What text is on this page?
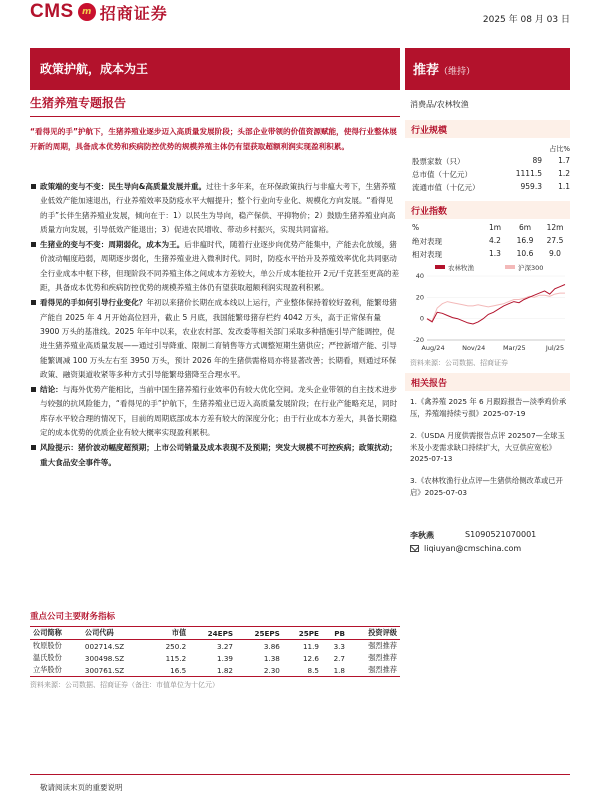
CMS m 招商证券	2025 年 08 月 03 日
政策护航，成本为王	推荐（维持）
生猪养殖专题报告
“看得见的手”护航下，生猪养殖业逐步迈入高质量发展阶段；头部企业带领的价值资源赋能，使得行业整体展开新的周期，具备成本优势和疾病防控优势的规模养殖主体仍有望获取超额利润实现盈利积累。
政策端的变与不变：民生导向&高质量发展并重。过往十多年来，在环保政策执行与非瘟大考下，生猪养殖业低效产能加速退出，行业养殖效率及防疫水平大幅提升；整个行业向专业化、规模化方向发展。“看得见的手”长伴生猪养殖业发展，倾向在于：1）以民生为导向，稳产保供、平抑物价；2）鼓励生猪养殖业向高质量方向发展，引导低效产能退出；3）促进农民增收、带动乡村振兴，实现共同富裕。
生猪业的变与不变：周期弱化，成本为王。后非瘟时代，随着行业逐步向优势产能集中，产能去化放缓，猪价波动幅度趋弱，周期逐步弱化，生猪养殖业进入微利时代。同时，防疫水平抬升及养殖效率优化共同驱动全行业成本中枢下移，但现阶段不同养殖主体之间成本方差较大，单公斤成本能拉开 2元/千克甚至更高的差距，具备成本优势和疾病防控优势的规模养殖主体仍有望获取超额利润实现盈利积累。
看得见的手如何引导行业变化？年初以来猪价长期在成本线以上运行，产业整体保持着较好盈利，能繁母猪产能自 2025 年 4 月开始高位回升，截止 5 月底，我国能繁母猪存栏约 4042 万头，高于正常保有量 3900 万头的基准线。2025 年年中以来，农业农村部、发改委等相关部门采取多种措施引导产能调控，促进生猪养殖业高质量发展——通过引导降重、限制二育销售等方式调整短期生猪供应；严控新增产能、引导能繁调减 100 万头左右至 3950 万头，预计 2026 年的生猪供需格局亦将显著改善；长期看，则通过环保政策、融资渠道收紧等多种方式引导能繁母猪降至合理水平。
结论：与海外优势产能相比，当前中国生猪养殖行业效率仍有较大优化空间。龙头企业带领的自主技术进步与较强的抗风险能力，“看得见的手”护航下，生猪养殖业已迈入高质量发展阶段；在行业产能略充足，同时库存水平较合理的情况下，目前的周期底部成本方差有较大的深度分化；由于行业成本方差大，具备长期稳定的成本优势的优质企业有较大概率实现盈利累积。
风险提示：猪价波动幅度超预期；上市公司销量及成本表现不及预期；突发大规模不可控疾病；政策扰动；重大食品安全事件等。
重点公司主要财务指标
公司简称	公司代码	市值	24EPS	25EPS	25PE	PB	投资评级
牧原股份	002714.SZ	250.2	3.27	3.86	11.9	3.3	强烈推荐
温氏股份	300498.SZ	115.2	1.39	1.38	12.6	2.7	强烈推荐
立华股份	300761.SZ	16.5	1.82	2.30	8.5	1.8	强烈推荐
资料来源：公司数据、招商证券（备注：市值单位为十亿元）
消费品/农林牧渔
行业规模
占比%
股票家数（只）	89	1.7
总市值（十亿元）	1111.5	1.2
流通市值（十亿元）	959.3	1.1
行业指数
%	1m	6m	12m
绝对表现	4.2	16.9	27.5
相对表现	1.3	10.6	9.0
农林牧渔	沪深300
40
20
0
-20
Aug/24	Nov/24	Mar/25	Jul/25
资料来源：公司数据、招商证券
相关报告
1.《禽养殖 2025 年 6 月跟踪报告—淡季鸡价承压，养殖端持续亏损》2025-07-19
2.《USDA 月度供需报告点评 202507—全球玉米及小麦需求缺口持续扩大，大豆供应宽松》2025-07-13
3.《农林牧渔行业点评—生猪供给侧改革或已开启》2025-07-03
李秋燕	S1090521070001
liqiuyan@cmschina.com
敬请阅读末页的重要说明
